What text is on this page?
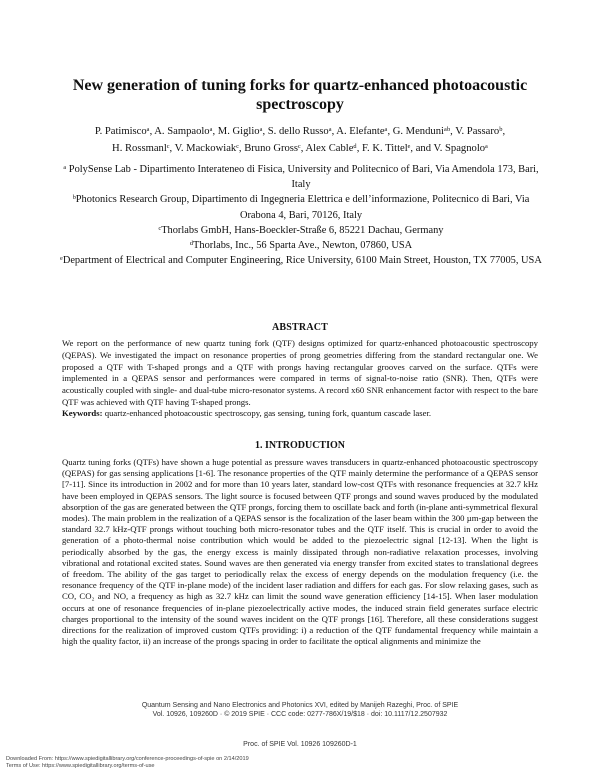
New generation of tuning forks for quartz-enhanced photoacoustic spectroscopy
P. Patimiscoᵃ, A. Sampaoloᵃ, M. Giglioᵃ, S. dello Russoᵃ, A. Elefanteᵃ, G. Menduniᵃᵇ, V. Passaroᵇ,
H. Rossmanlᶜ, V. Mackowiakᶜ, Bruno Grossᶜ, Alex Cableᵈ, F. K. Tittelᵉ, and V. Spagnoloᵃ
ᵃ PolySense Lab - Dipartimento Interateneo di Fisica, University and Politecnico of Bari, Via Amendola 173, Bari, Italy
ᵇPhotonics Research Group, Dipartimento di Ingegneria Elettrica e dell’informazione, Politecnico di Bari, Via Orabona 4, Bari, 70126, Italy
ᶜThorlabs GmbH, Hans-Boeckler-Straße 6, 85221 Dachau, Germany
ᵈThorlabs, Inc., 56 Sparta Ave., Newton, 07860, USA
ᵉDepartment of Electrical and Computer Engineering, Rice University, 6100 Main Street, Houston, TX 77005, USA
ABSTRACT

We report on the performance of new quartz tuning fork (QTF) designs optimized for quartz-enhanced photoacoustic spectroscopy (QEPAS). We investigated the impact on resonance properties of prong geometries differing from the standard rectangular one. We proposed a QTF with T-shaped prongs and a QTF with prongs having rectangular grooves carved on the surface. QTFs were implemented in a QEPAS sensor and performances were compared in terms of signal-to-noise ratio (SNR). Then, QTFs were acoustically coupled with single- and dual-tube micro-resonator systems. A record x60 SNR enhancement factor with respect to the bare QTF was achieved with QTF having T-shaped prongs.

Keywords: quartz-enhanced photoacoustic spectroscopy, gas sensing, tuning fork, quantum cascade laser.

1. INTRODUCTION

Quartz tuning forks (QTFs) have shown a huge potential as pressure waves transducers in quartz-enhanced photoacoustic spectroscopy (QEPAS) for gas sensing applications [1-6]. The resonance properties of the QTF mainly determine the performance of a QEPAS sensor [7-11]. Since its introduction in 2002 and for more than 10 years later, standard low-cost QTFs with resonance frequencies at 32.7 kHz have been employed in QEPAS sensors. The light source is focused between QTF prongs and sound waves produced by the modulated absorption of the gas are generated between the QTF prongs, forcing them to oscillate back and forth (in-plane anti-symmetrical flexural modes). The main problem in the realization of a QEPAS sensor is the focalization of the laser beam within the 300 µm-gap between the standard 32.7 kHz-QTF prongs without touching both micro-resonator tubes and the QTF itself. This is crucial in order to avoid the generation of a photo-thermal noise contribution which would be added to the piezoelectric signal [12-13]. When the light is periodically absorbed by the gas, the energy excess is mainly dissipated through non-radiative relaxation processes, involving vibrational and rotational excited states. Sound waves are then generated via energy transfer from excited states to translational degrees of freedom. The ability of the gas target to periodically relax the excess of energy depends on the modulation frequency (i.e. the resonance frequency of the QTF in-plane mode) of the incident laser radiation and differs for each gas. For slow relaxing gases, such as CO, CO₂ and NO, a frequency as high as 32.7 kHz can limit the sound wave generation efficiency [14-15]. When laser modulation occurs at one of resonance frequencies of in-plane piezoelectrically active modes, the induced strain field generates surface electric charges proportional to the intensity of the sound waves incident on the QTF prongs [16]. Therefore, all these considerations suggest directions for the realization of improved custom QTFs providing: i) a reduction of the QTF fundamental frequency while maintain a high the quality factor, ii) an increase of the prongs spacing in order to facilitate the optical alignments and minimize the

Quantum Sensing and Nano Electronics and Photonics XVI, edited by Manijeh Razeghi, Proc. of SPIE
Vol. 10926, 109260D · © 2019 SPIE · CCC code: 0277-786X/19/$18 · doi: 10.1117/12.2507932
Proc. of SPIE Vol. 10926 109260D-1
Downloaded From: https://www.spiedigitallibrary.org/conference-proceedings-of-spie on 2/14/2019
Terms of Use: https://www.spiedigitallibrary.org/terms-of-use
